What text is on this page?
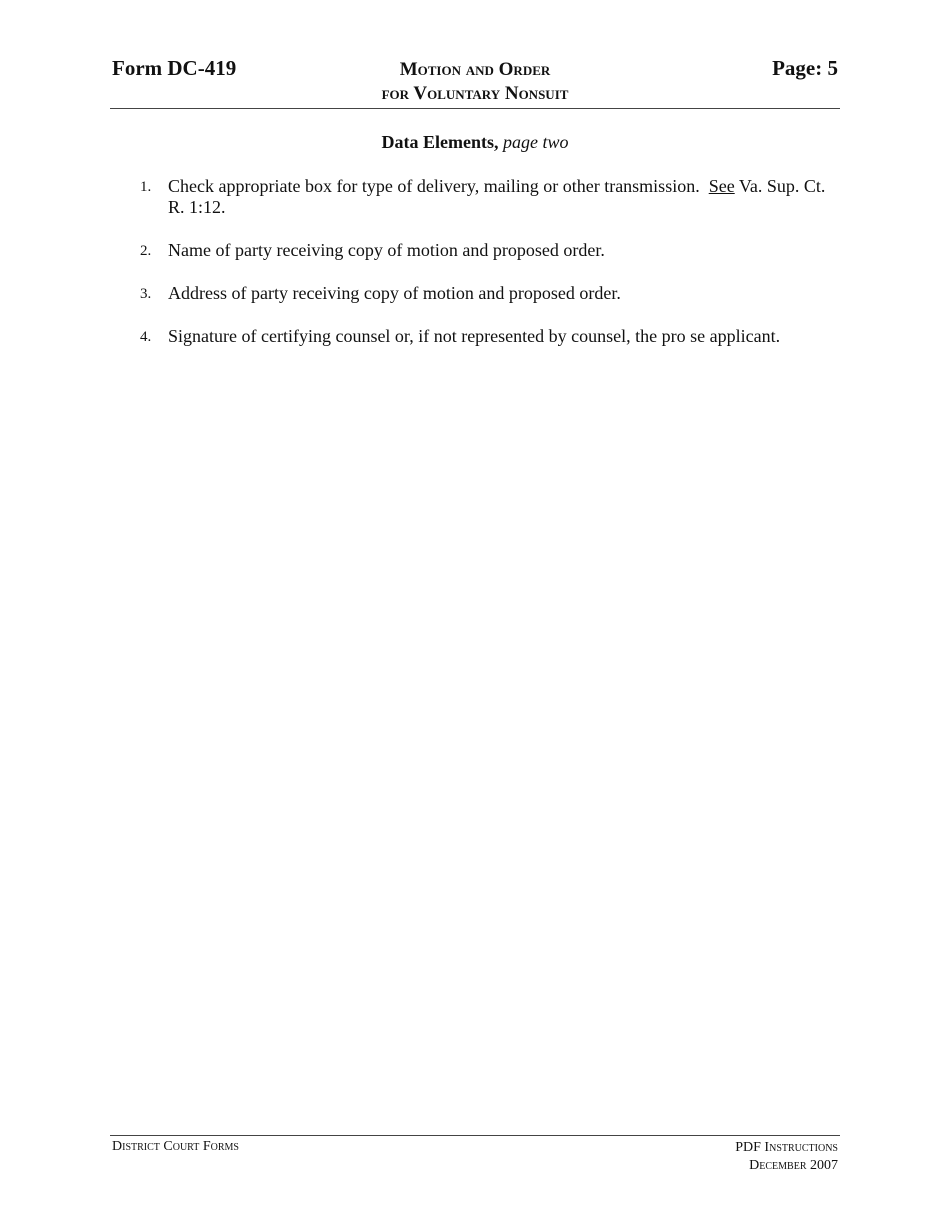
Form DC-419	Motion and Order
for Voluntary Nonsuit
Page: 5
Data Elements, page two
1. Check appropriate box for type of delivery, mailing or other transmission. See Va. Sup. Ct. R. 1:12.
2. Name of party receiving copy of motion and proposed order.
3. Address of party receiving copy of motion and proposed order.
4. Signature of certifying counsel or, if not represented by counsel, the pro se applicant.
District Court Forms	PDF Instructions
December 2007
